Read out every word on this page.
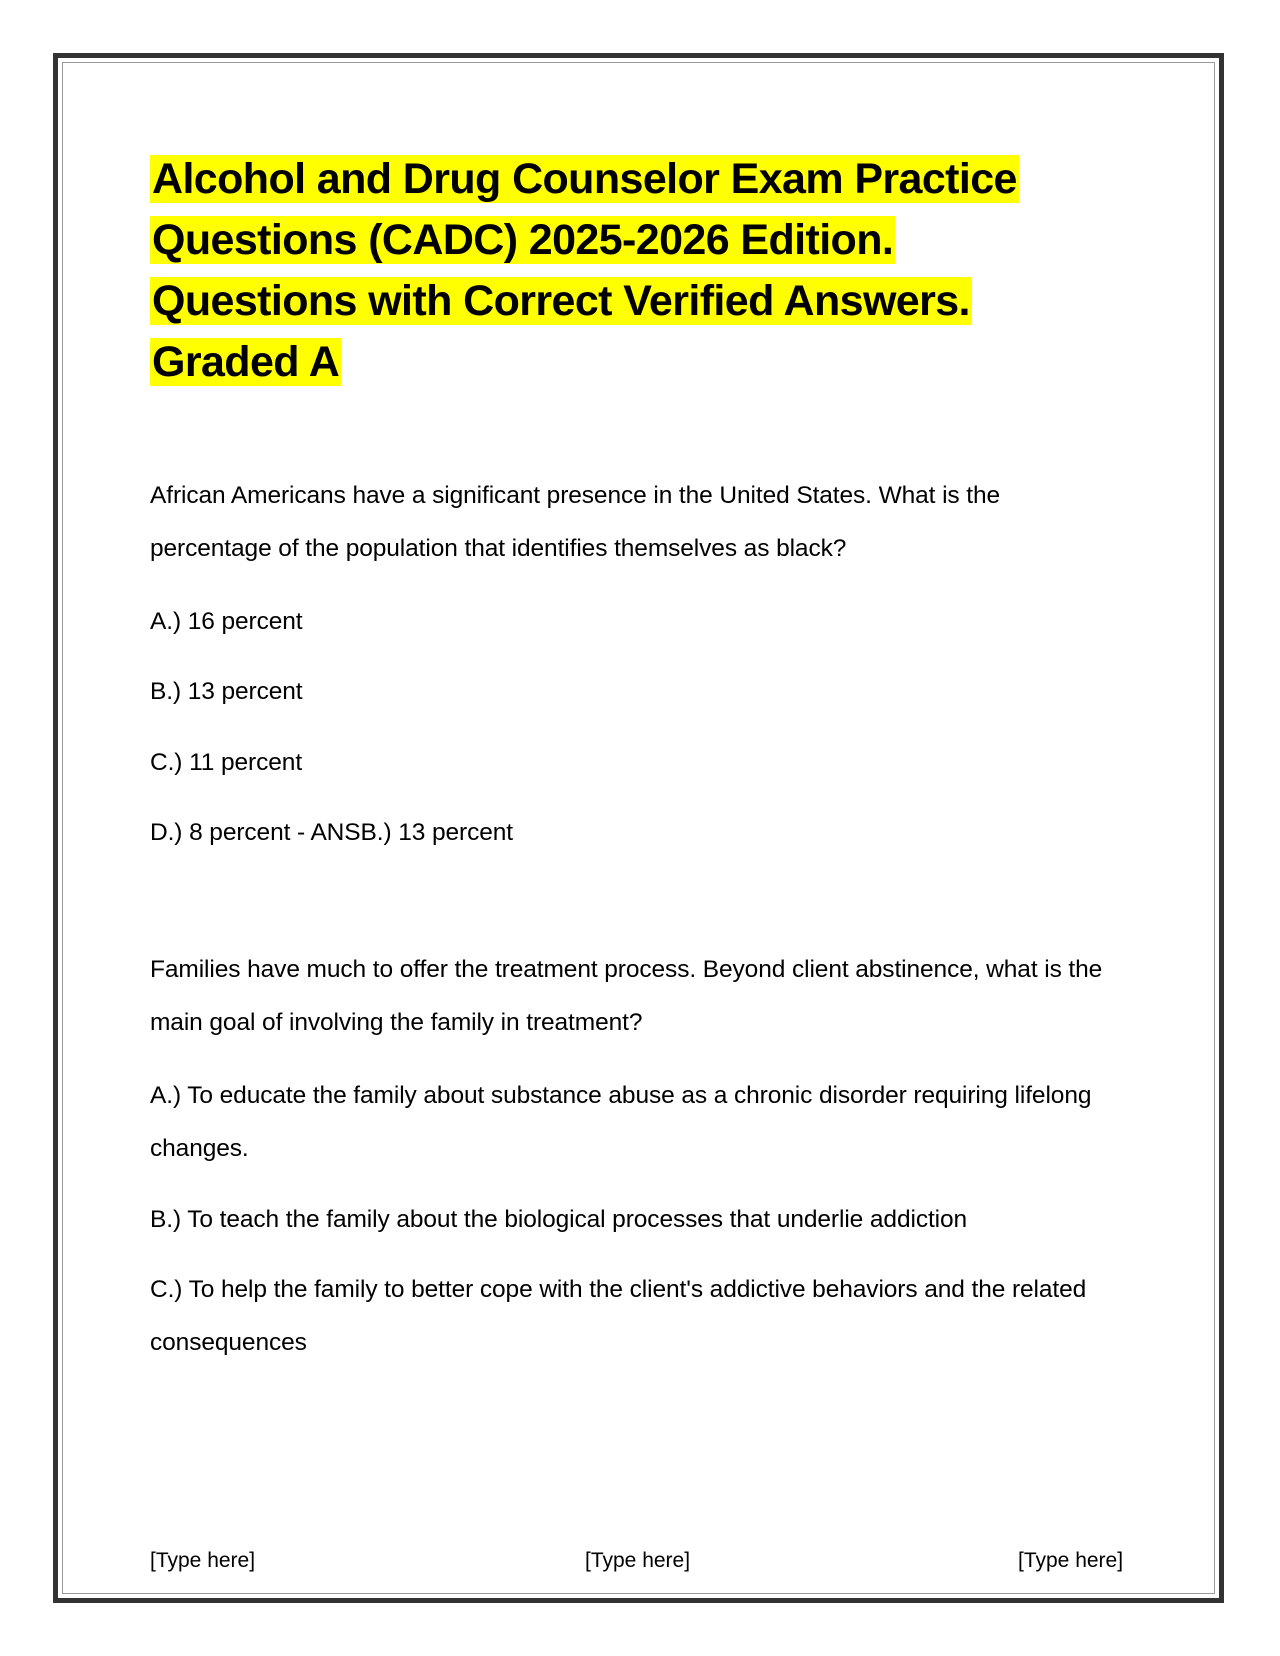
Alcohol and Drug Counselor Exam Practice Questions (CADC) 2025-2026 Edition. Questions with Correct Verified Answers. Graded A

African Americans have a significant presence in the United States. What is the percentage of the population that identifies themselves as black?

A.) 16 percent

B.) 13 percent

C.) 11 percent

D.) 8 percent - ANSB.) 13 percent

Families have much to offer the treatment process. Beyond client abstinence, what is the main goal of involving the family in treatment?

A.) To educate the family about substance abuse as a chronic disorder requiring lifelong changes.

B.) To teach the family about the biological processes that underlie addiction

C.) To help the family to better cope with the client's addictive behaviors and the related consequences

[Type here]	[Type here]	[Type here]
